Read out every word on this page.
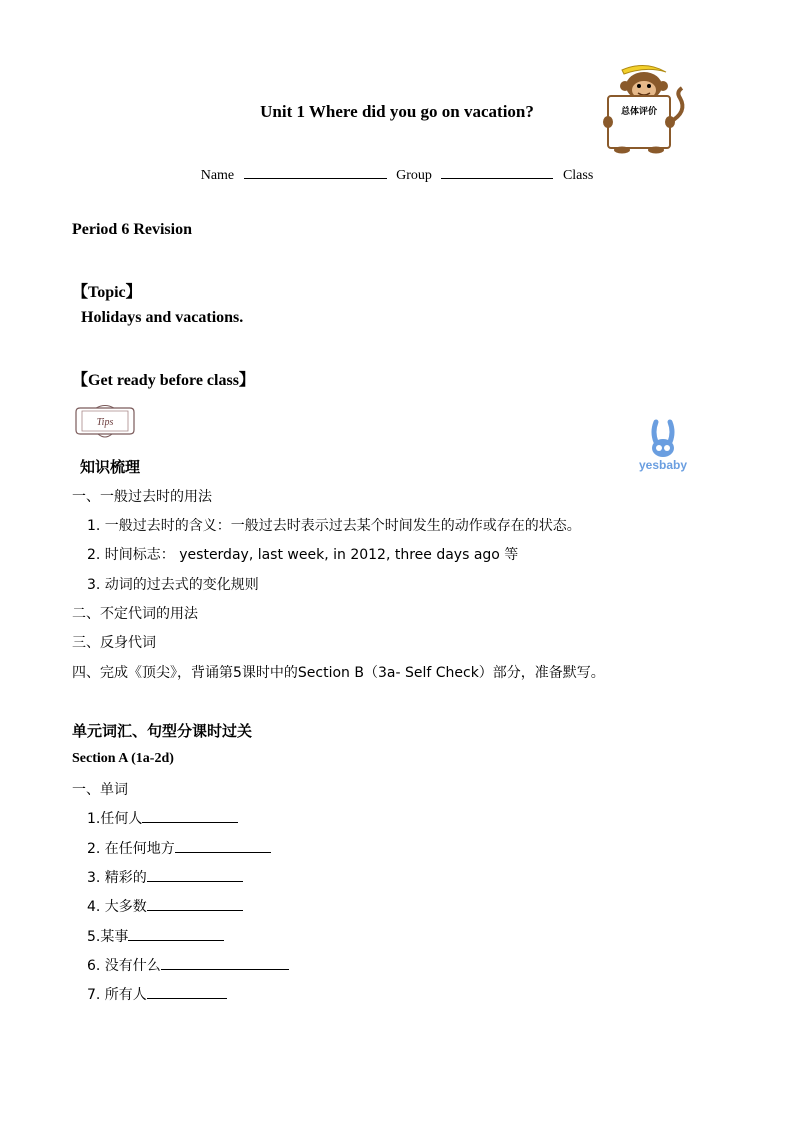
Unit 1 Where did you go on vacation?	总体评价
Name	Group	Class
Period 6 Revision
【Topic】
Holidays and vacations.
【Get ready before class】
Tips
yesbaby
知识梳理
一、一般过去时的用法
1. 一般过去时的含义：一般过去时表示过去某个时间发生的动作或存在的状态。
2. 时间标志： yesterday, last week, in 2012, three days ago 等
3. 动词的过去式的变化规则
二、不定代词的用法
三、反身代词
四、完成《顶尖》，背诵第5课时中的Section B（3a- Self Check）部分，准备默写。
单元词汇、句型分课时过关
Section A (1a-2d)
一、单词
1.任何人
2. 在任何地方
3. 精彩的
4. 大多数
5.某事
6. 没有什么
7. 所有人
